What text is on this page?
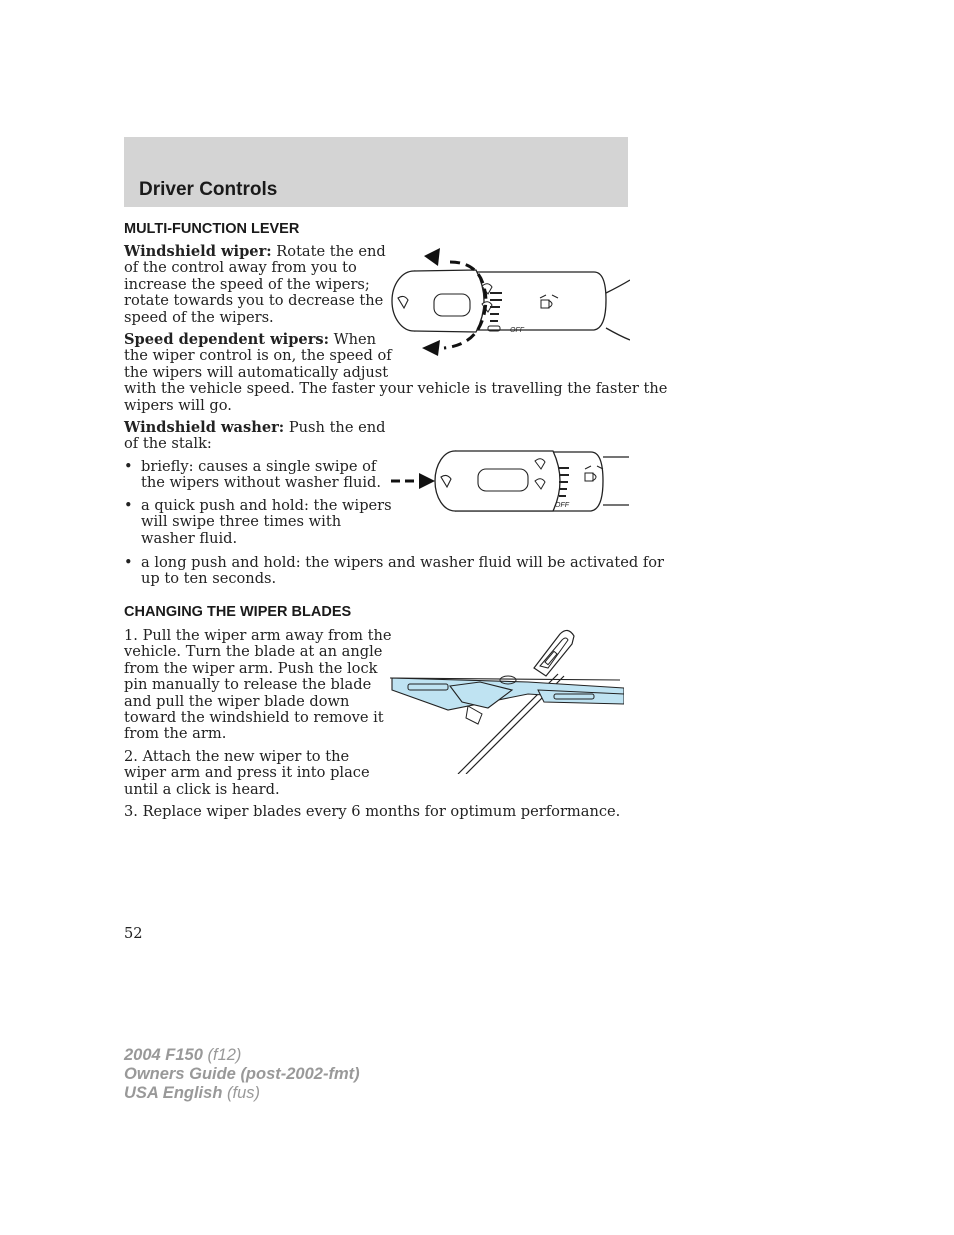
Driver Controls
MULTI-FUNCTION LEVER
Windshield wiper: Rotate the end
of the control away from you to
increase the speed of the wipers;
rotate towards you to decrease the
speed of the wipers.
Speed dependent wipers: When
the wiper control is on, the speed of
the wipers will automatically adjust
with the vehicle speed. The faster your vehicle is travelling the faster the
wipers will go.
Windshield washer: Push the end
of the stalk:
• briefly: causes a single swipe of
the wipers without washer fluid.
• a quick push and hold: the wipers
will swipe three times with
washer fluid.
• a long push and hold: the wipers and washer fluid will be activated for
up to ten seconds.
OFF
OFF
CHANGING THE WIPER BLADES
1. Pull the wiper arm away from the
vehicle. Turn the blade at an angle
from the wiper arm. Push the lock
pin manually to release the blade
and pull the wiper blade down
toward the windshield to remove it
from the arm.
2. Attach the new wiper to the
wiper arm and press it into place
until a click is heard.
3. Replace wiper blades every 6 months for optimum performance.
52
2004 F150 (f12)
Owners Guide (post-2002-fmt)
USA English (fus)
